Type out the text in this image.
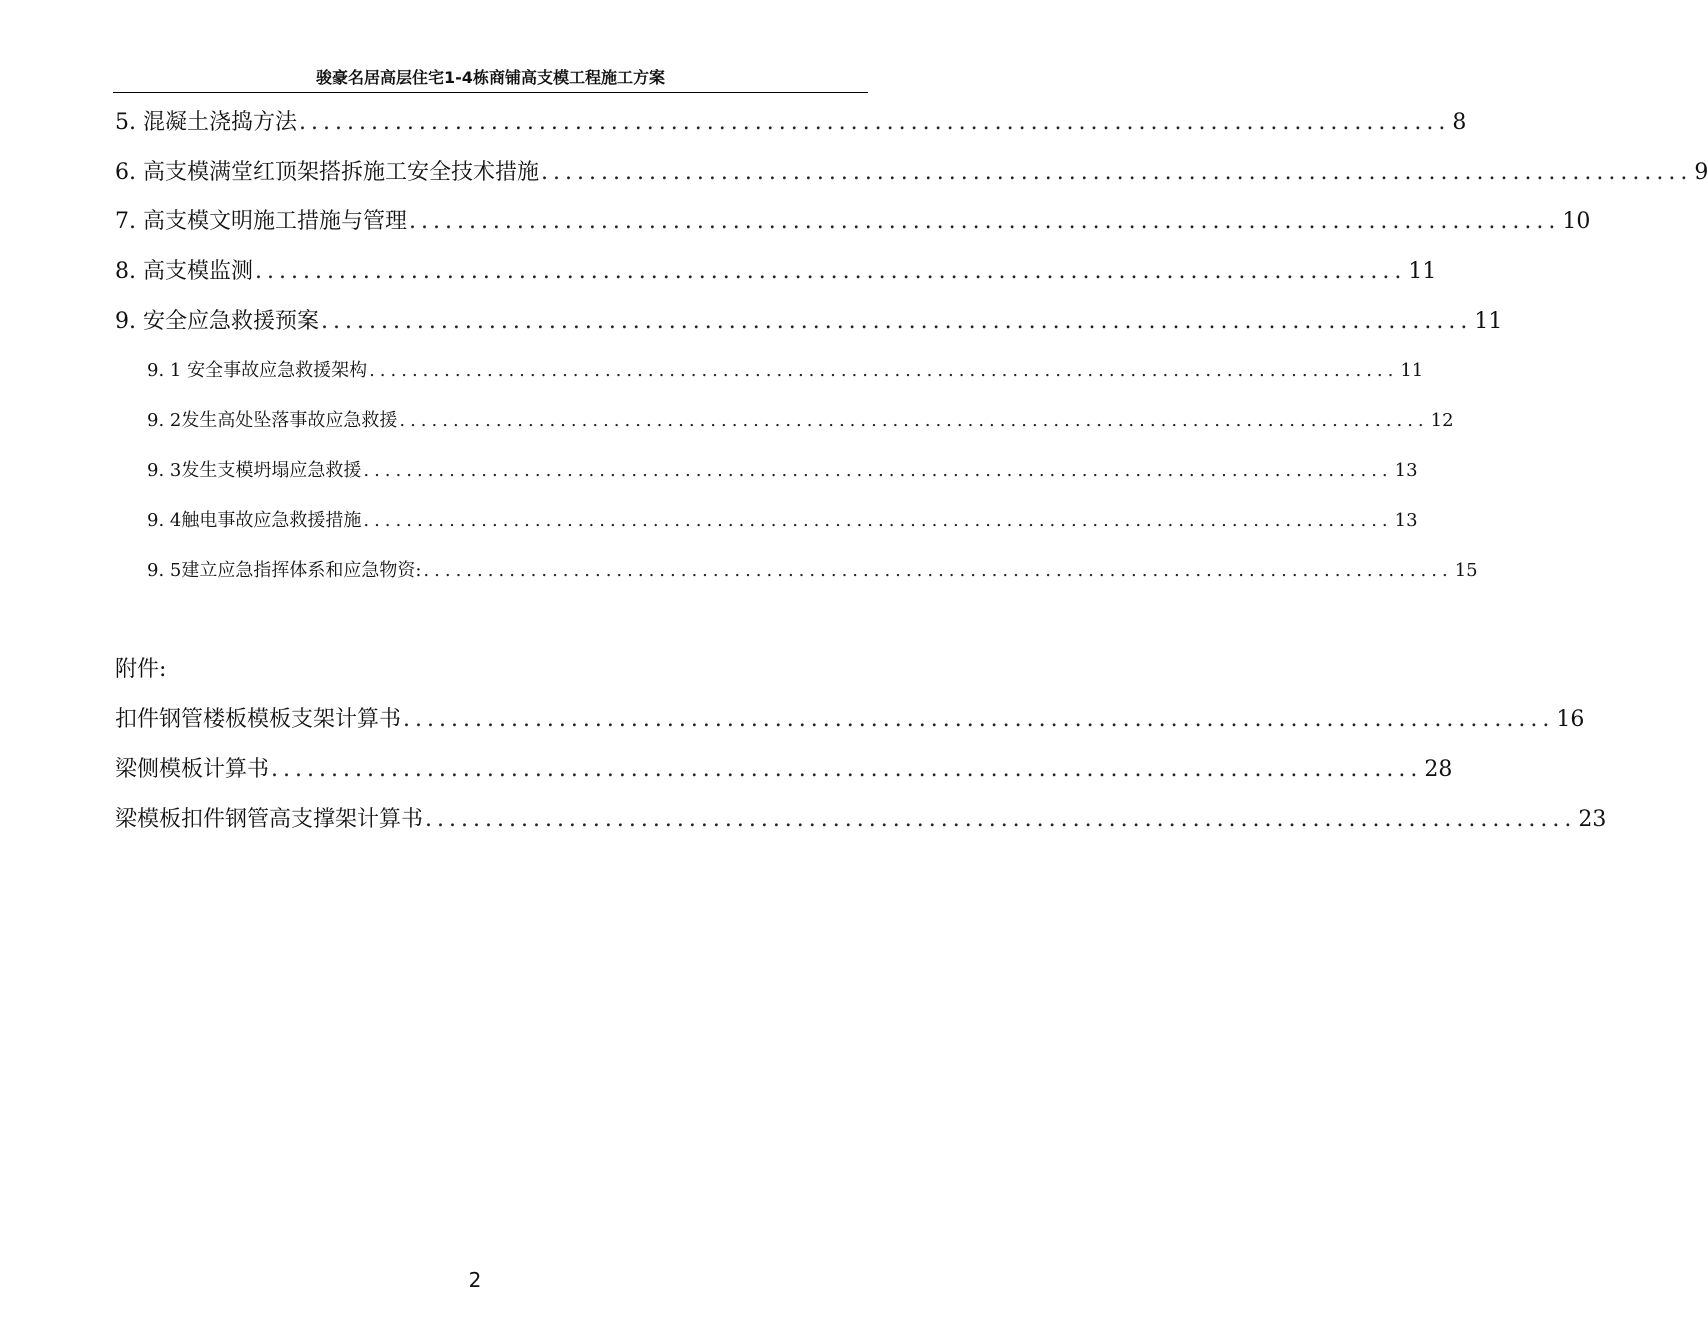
骏豪名居高层住宅1-4栋商铺高支模工程施工方案
5. 混凝土浇捣方法 ................................................................................................ 8
6. 高支模满堂红顶架搭拆施工安全技术措施 ................................................................................................ 9
7. 高支模文明施工措施与管理 ................................................................................................ 10
8. 高支模监测 ................................................................................................ 11
9. 安全应急救援预案 ................................................................................................ 11
9. 1 安全事故应急救援架构 ................................................................................................ 11
9. 2发生高处坠落事故应急救援 ................................................................................................ 12
9. 3发生支模坍塌应急救援 ................................................................................................ 13
9. 4触电事故应急救援措施 ................................................................................................ 13
9. 5建立应急指挥体系和应急物资: ................................................................................................ 15
附件:
扣件钢管楼板模板支架计算书 ................................................................................................ 16
梁侧模板计算书 ................................................................................................ 28
梁模板扣件钢管高支撑架计算书 ................................................................................................ 23
2
